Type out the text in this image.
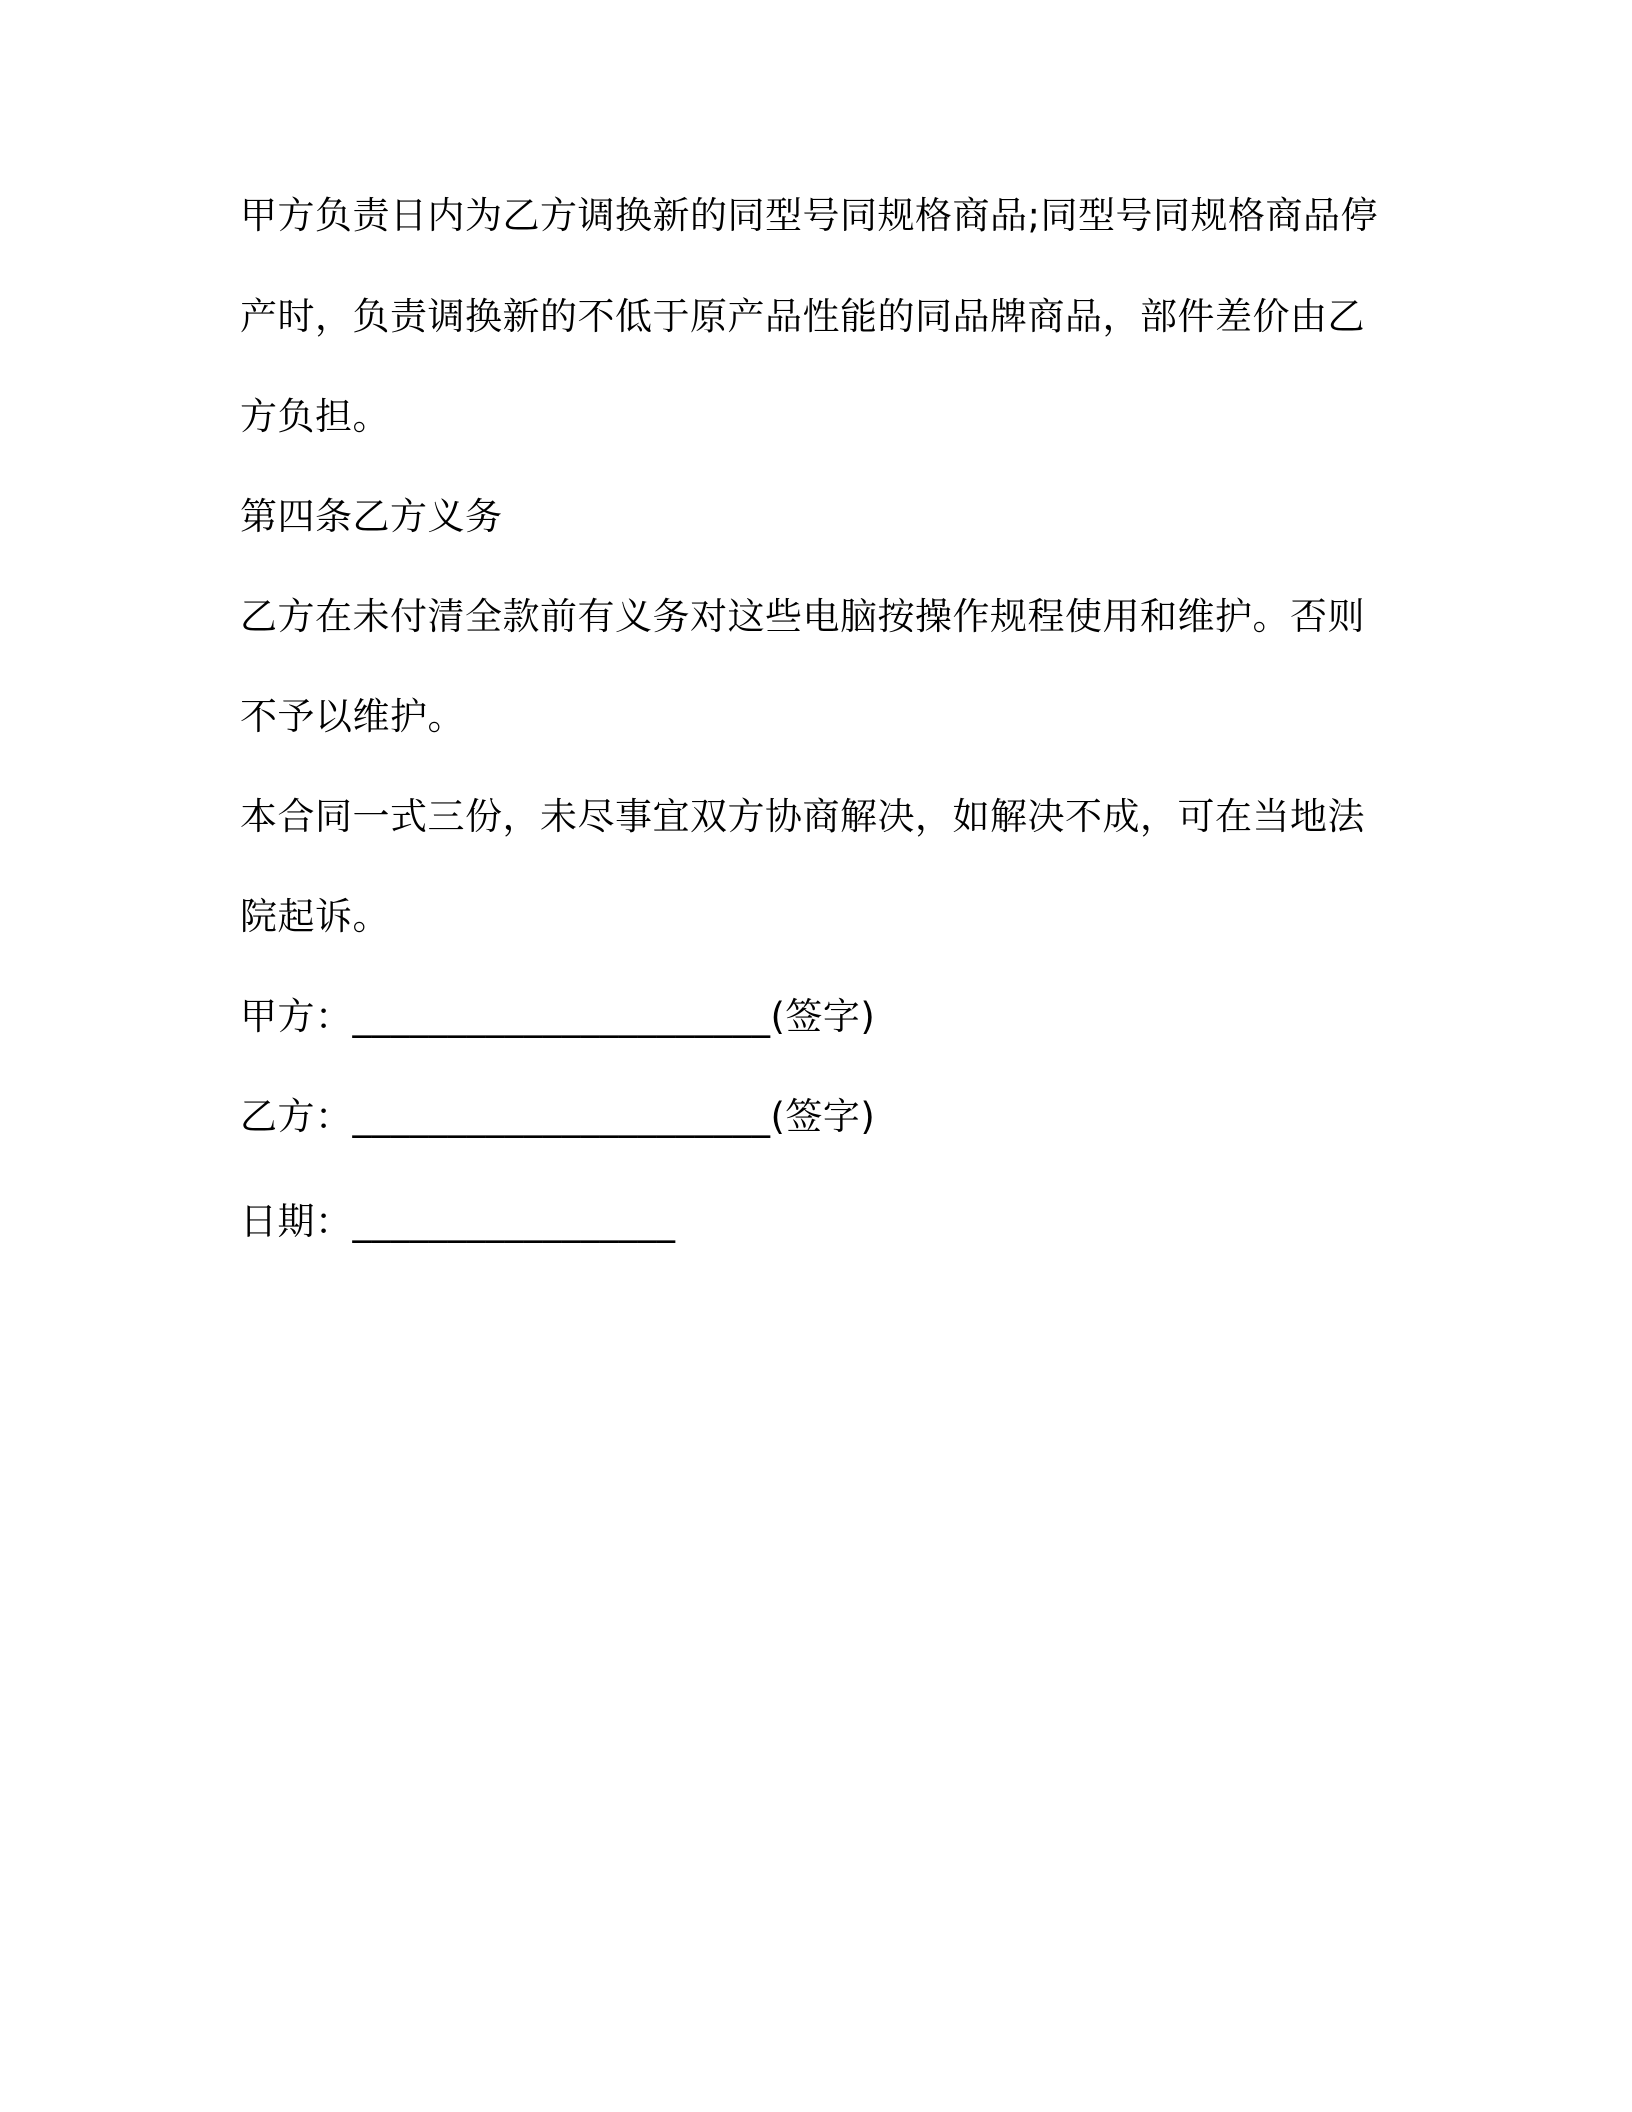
甲方负责日内为乙方调换新的同型号同规格商品;同型号同规格商品停
产时，负责调换新的不低于原产品性能的同品牌商品，部件差价由乙
方负担。
第四条乙方义务
乙方在未付清全款前有义务对这些电脑按操作规程使用和维护。否则
不予以维护。
本合同一式三份，未尽事宜双方协商解决，如解决不成，可在当地法
院起诉。
甲方：______________________(签字)
乙方：______________________(签字)
日期：_________________
